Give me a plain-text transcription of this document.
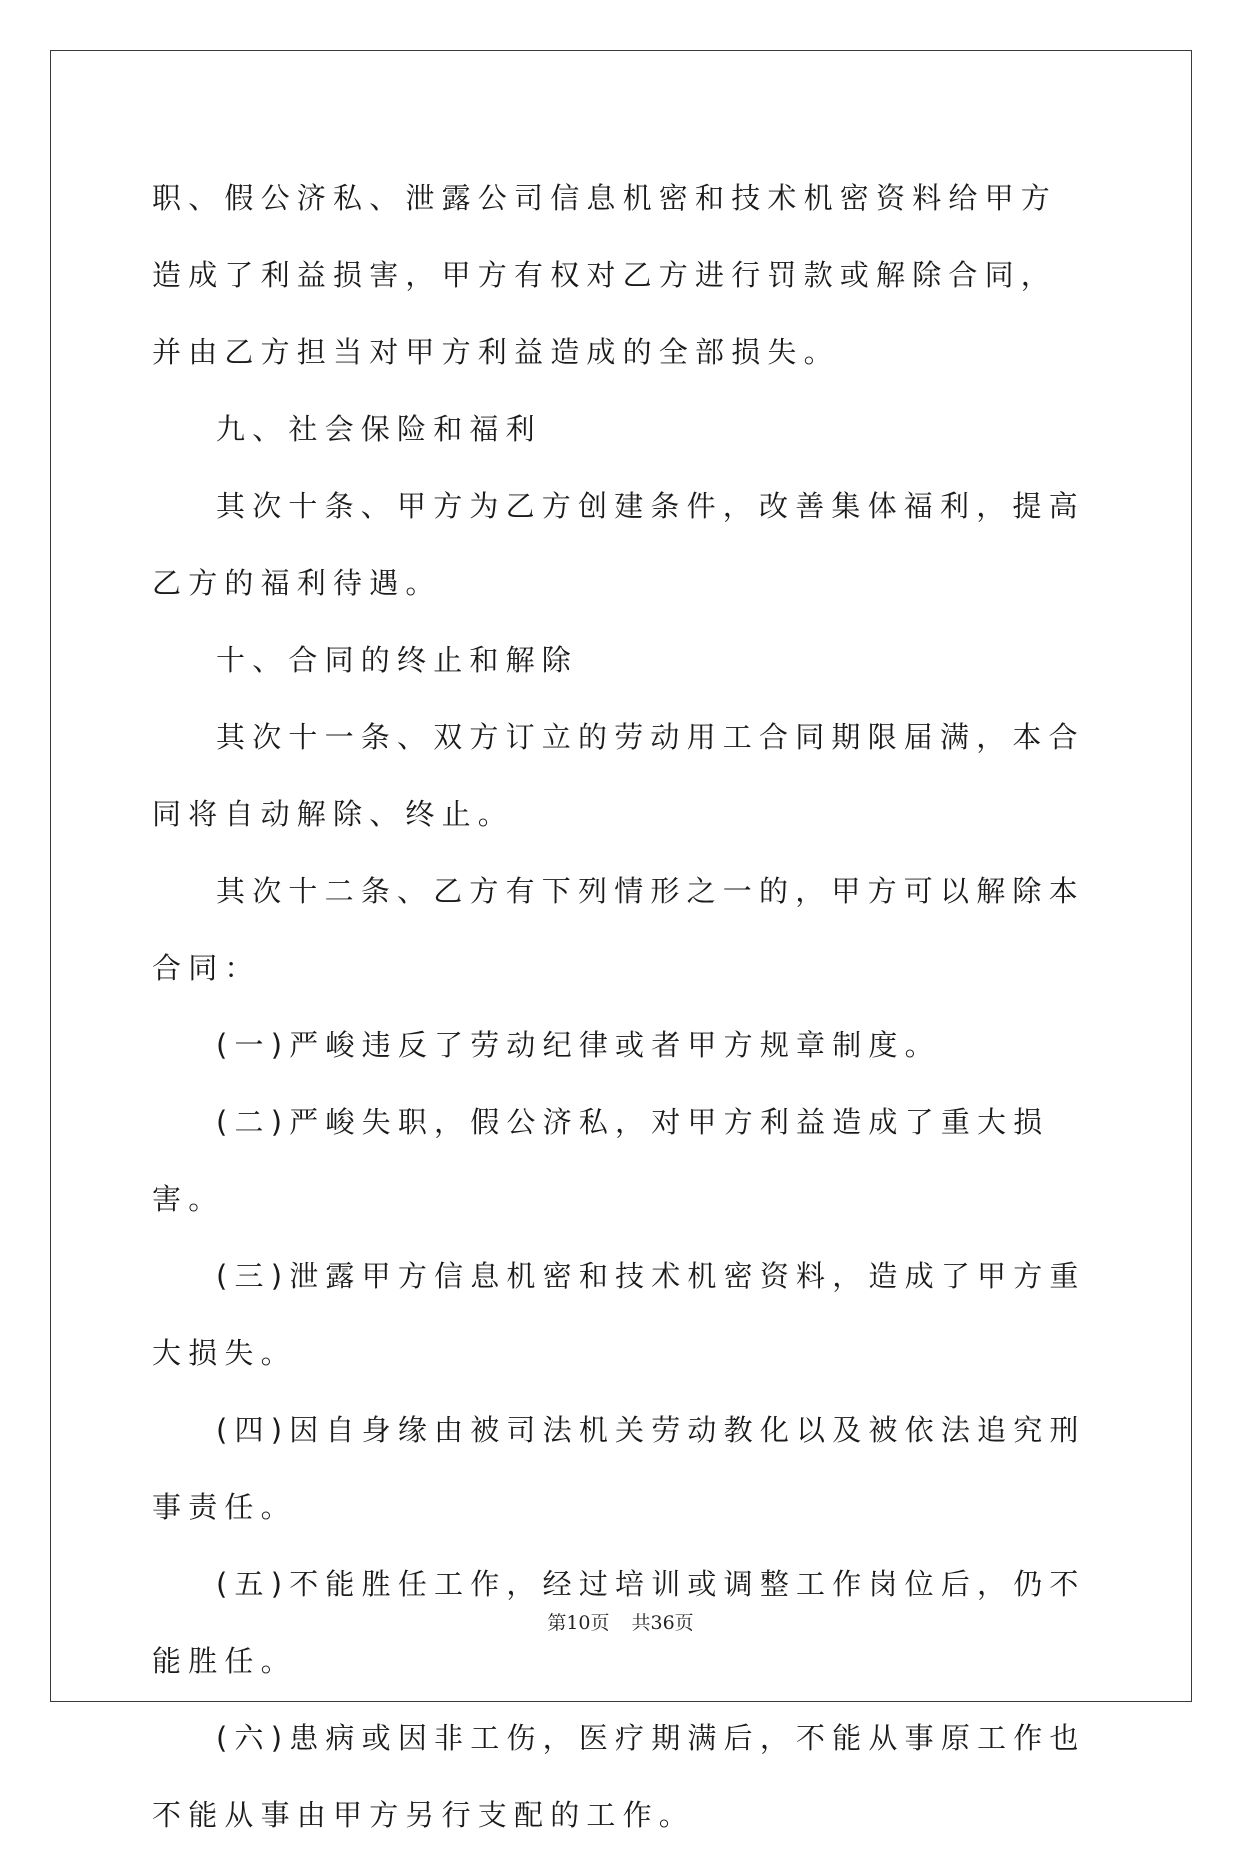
职、假公济私、泄露公司信息机密和技术机密资料给甲方造成了利益损害，甲方有权对乙方进行罚款或解除合同，并由乙方担当对甲方利益造成的全部损失。

九、社会保险和福利

其次十条、甲方为乙方创建条件，改善集体福利，提高乙方的福利待遇。

十、合同的终止和解除

其次十一条、双方订立的劳动用工合同期限届满，本合同将自动解除、终止。

其次十二条、乙方有下列情形之一的，甲方可以解除本合同：

(一)严峻违反了劳动纪律或者甲方规章制度。

(二)严峻失职，假公济私，对甲方利益造成了重大损害。

(三)泄露甲方信息机密和技术机密资料，造成了甲方重大损失。

(四)因自身缘由被司法机关劳动教化以及被依法追究刑事责任。

(五)不能胜任工作，经过培训或调整工作岗位后，仍不能胜任。

(六)患病或因非工伤，医疗期满后，不能从事原工作也不能从事由甲方另行支配的工作。

第10页 共36页
